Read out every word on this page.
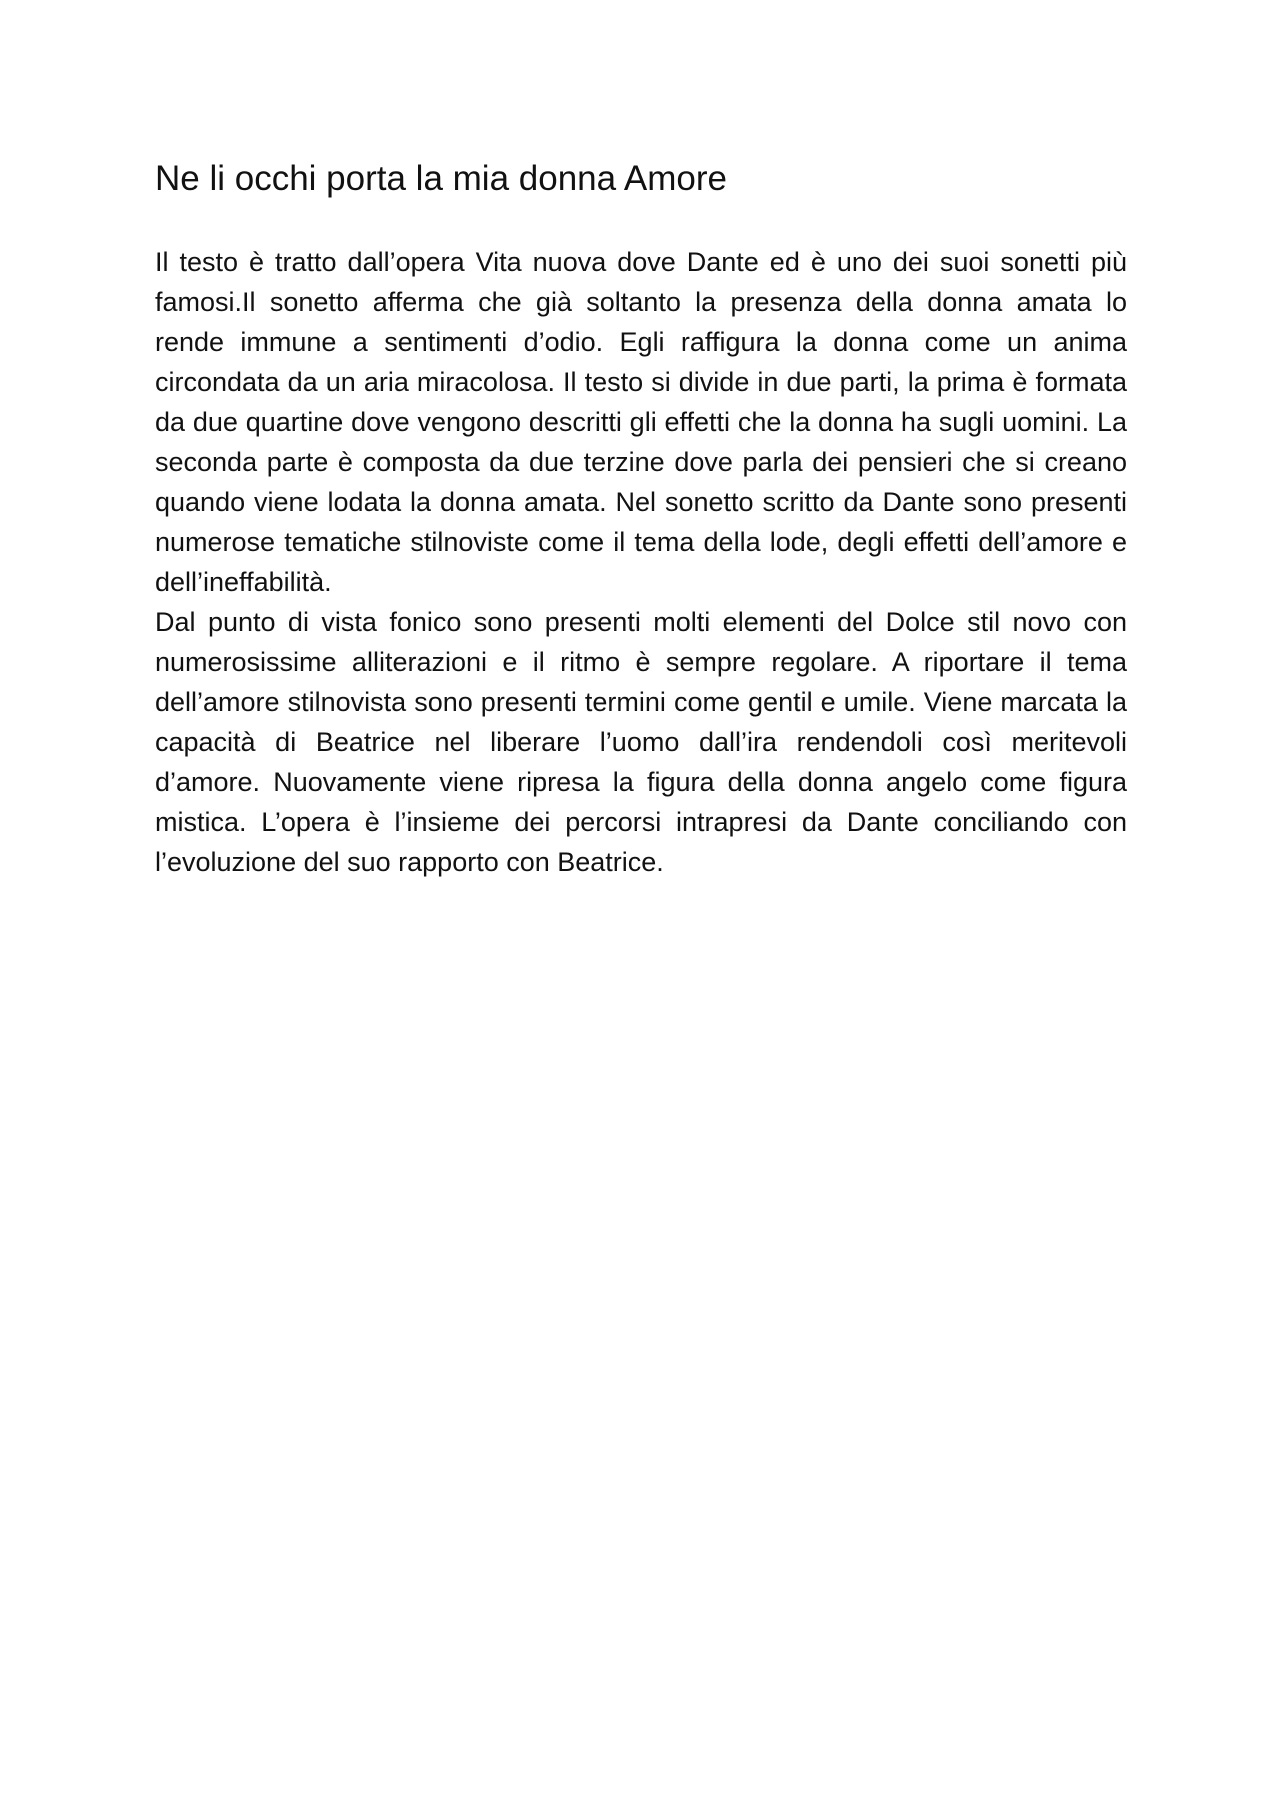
Ne li occhi porta la mia donna Amore

Il testo è tratto dall’opera Vita nuova dove Dante ed è uno dei suoi sonetti più famosi.Il sonetto afferma che già soltanto la presenza della donna amata lo rende immune a sentimenti d’odio. Egli raffigura la donna come un anima circondata da un aria miracolosa. Il testo si divide in due parti, la prima è formata da due quartine dove vengono descritti gli effetti che la donna ha sugli uomini. La seconda parte è composta da due terzine dove parla dei pensieri che si creano quando viene lodata la donna amata. Nel sonetto scritto da Dante sono presenti numerose tematiche stilnoviste come il tema della lode, degli effetti dell’amore e dell’ineffabilità.

Dal punto di vista fonico sono presenti molti elementi del Dolce stil novo con numerosissime alliterazioni e il ritmo è sempre regolare. A riportare il tema dell’amore stilnovista sono presenti termini come gentil e umile. Viene marcata la capacità di Beatrice nel liberare l’uomo dall’ira rendendoli così meritevoli d’amore. Nuovamente viene ripresa la figura della donna angelo come figura mistica. L’opera è l’insieme dei percorsi intrapresi da Dante conciliando con l’evoluzione del suo rapporto con Beatrice.
